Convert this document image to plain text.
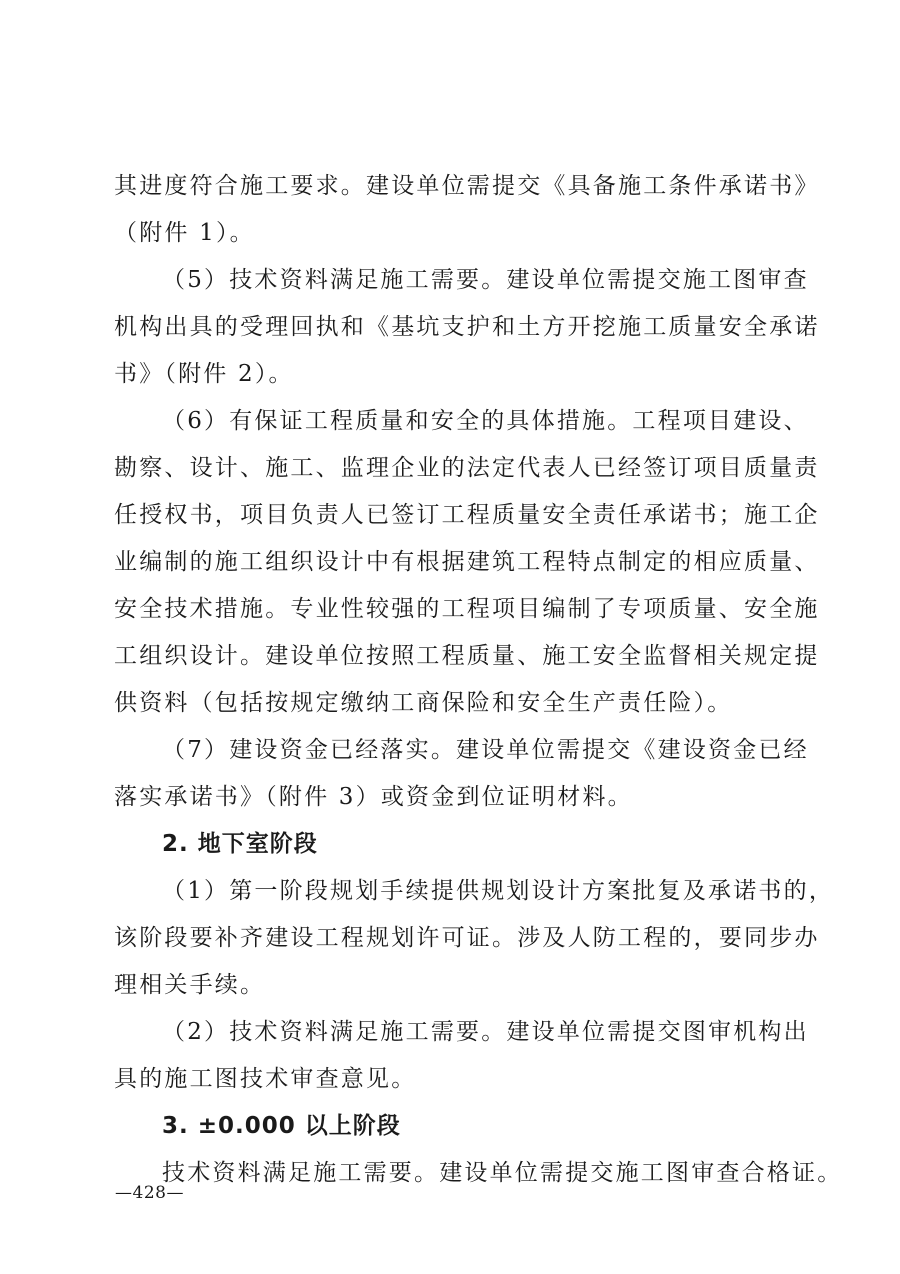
其进度符合施工要求。建设单位需提交《具备施工条件承诺书》

（附件 1）。

（5）技术资料满足施工需要。建设单位需提交施工图审查

机构出具的受理回执和《基坑支护和土方开挖施工质量安全承诺

书》（附件 2）。

（6）有保证工程质量和安全的具体措施。工程项目建设、

勘察、设计、施工、监理企业的法定代表人已经签订项目质量责

任授权书，项目负责人已签订工程质量安全责任承诺书；施工企

业编制的施工组织设计中有根据建筑工程特点制定的相应质量、

安全技术措施。专业性较强的工程项目编制了专项质量、安全施

工组织设计。建设单位按照工程质量、施工安全监督相关规定提

供资料（包括按规定缴纳工商保险和安全生产责任险）。

（7）建设资金已经落实。建设单位需提交《建设资金已经

落实承诺书》（附件 3）或资金到位证明材料。

2. 地下室阶段

（1）第一阶段规划手续提供规划设计方案批复及承诺书的，

该阶段要补齐建设工程规划许可证。涉及人防工程的，要同步办

理相关手续。

（2）技术资料满足施工需要。建设单位需提交图审机构出

具的施工图技术审查意见。

3. ±0.000 以上阶段

技术资料满足施工需要。建设单位需提交施工图审查合格证。

—428—
